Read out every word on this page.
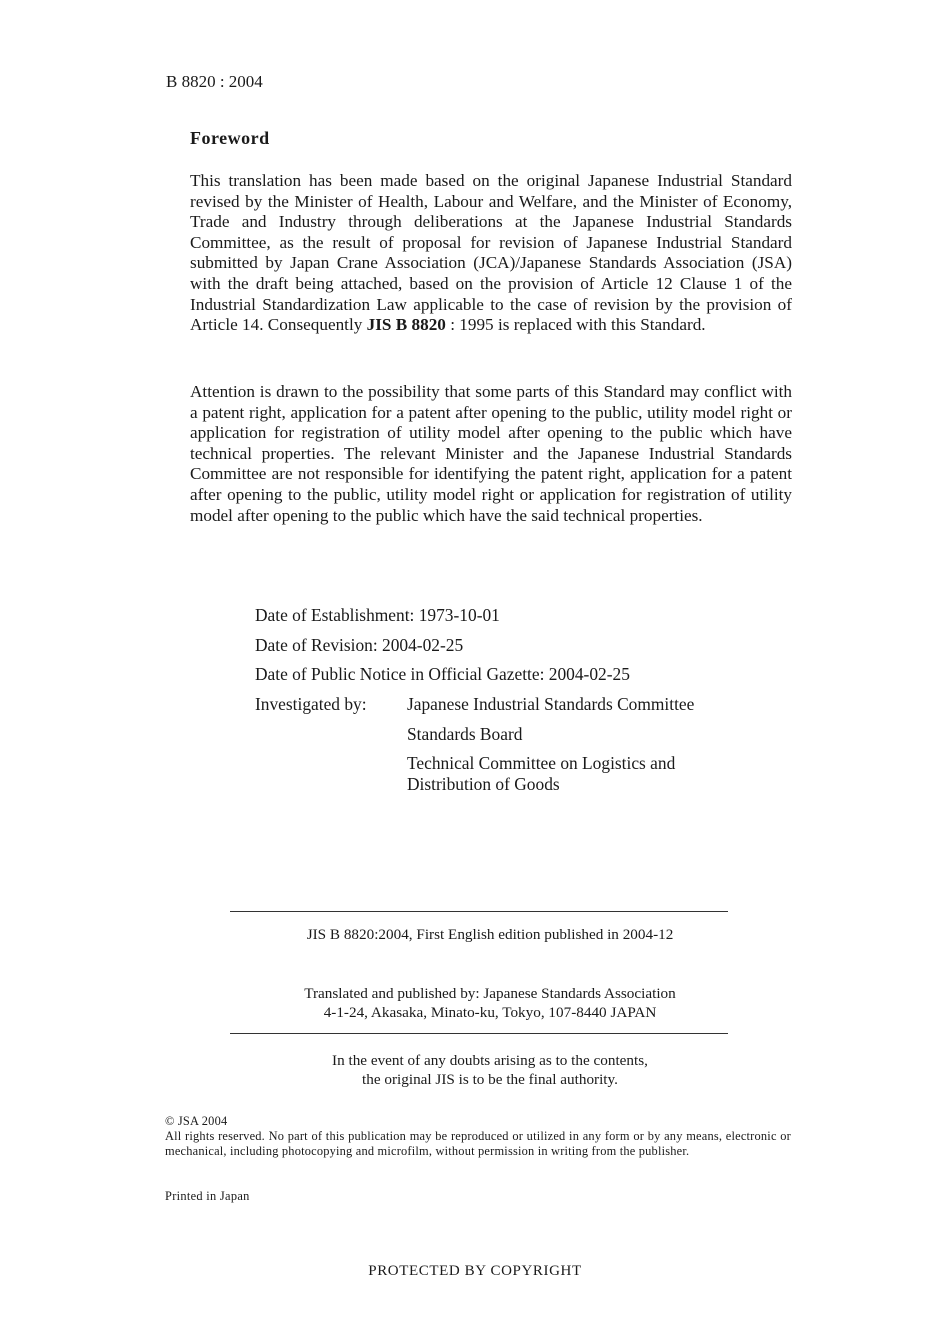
B 8820 : 2004
Foreword

This translation has been made based on the original Japanese Industrial Standard revised by the Minister of Health, Labour and Welfare, and the Minister of Economy, Trade and Industry through deliberations at the Japanese Industrial Standards Committee, as the result of proposal for revision of Japanese Industrial Standard submitted by Japan Crane Association (JCA)/Japanese Standards Association (JSA) with the draft being attached, based on the provision of Article 12 Clause 1 of the Industrial Standardization Law applicable to the case of revision by the provision of Article 14. Consequently JIS B 8820 : 1995 is replaced with this Standard.

Attention is drawn to the possibility that some parts of this Standard may conflict with a patent right, application for a patent after opening to the public, utility model right or application for registration of utility model after opening to the public which have technical properties. The relevant Minister and the Japanese Industrial Standards Committee are not responsible for identifying the patent right, application for a patent after opening to the public, utility model right or application for registration of utility model after opening to the public which have the said technical properties.

Date of Establishment: 1973-10-01
Date of Revision: 2004-02-25
Date of Public Notice in Official Gazette: 2004-02-25
Investigated by:	Japanese Industrial Standards Committee
Standards Board
Technical Committee on Logistics and
Distribution of Goods
JIS B 8820:2004, First English edition published in 2004-12
Translated and published by: Japanese Standards Association
4-1-24, Akasaka, Minato-ku, Tokyo, 107-8440 JAPAN
In the event of any doubts arising as to the contents,
the original JIS is to be the final authority.
© JSA 2004
All rights reserved. No part of this publication may be reproduced or utilized in any form or by any means, electronic or mechanical, including photocopying and microfilm, without permission in writing from the publisher.
Printed in Japan
PROTECTED BY COPYRIGHT
